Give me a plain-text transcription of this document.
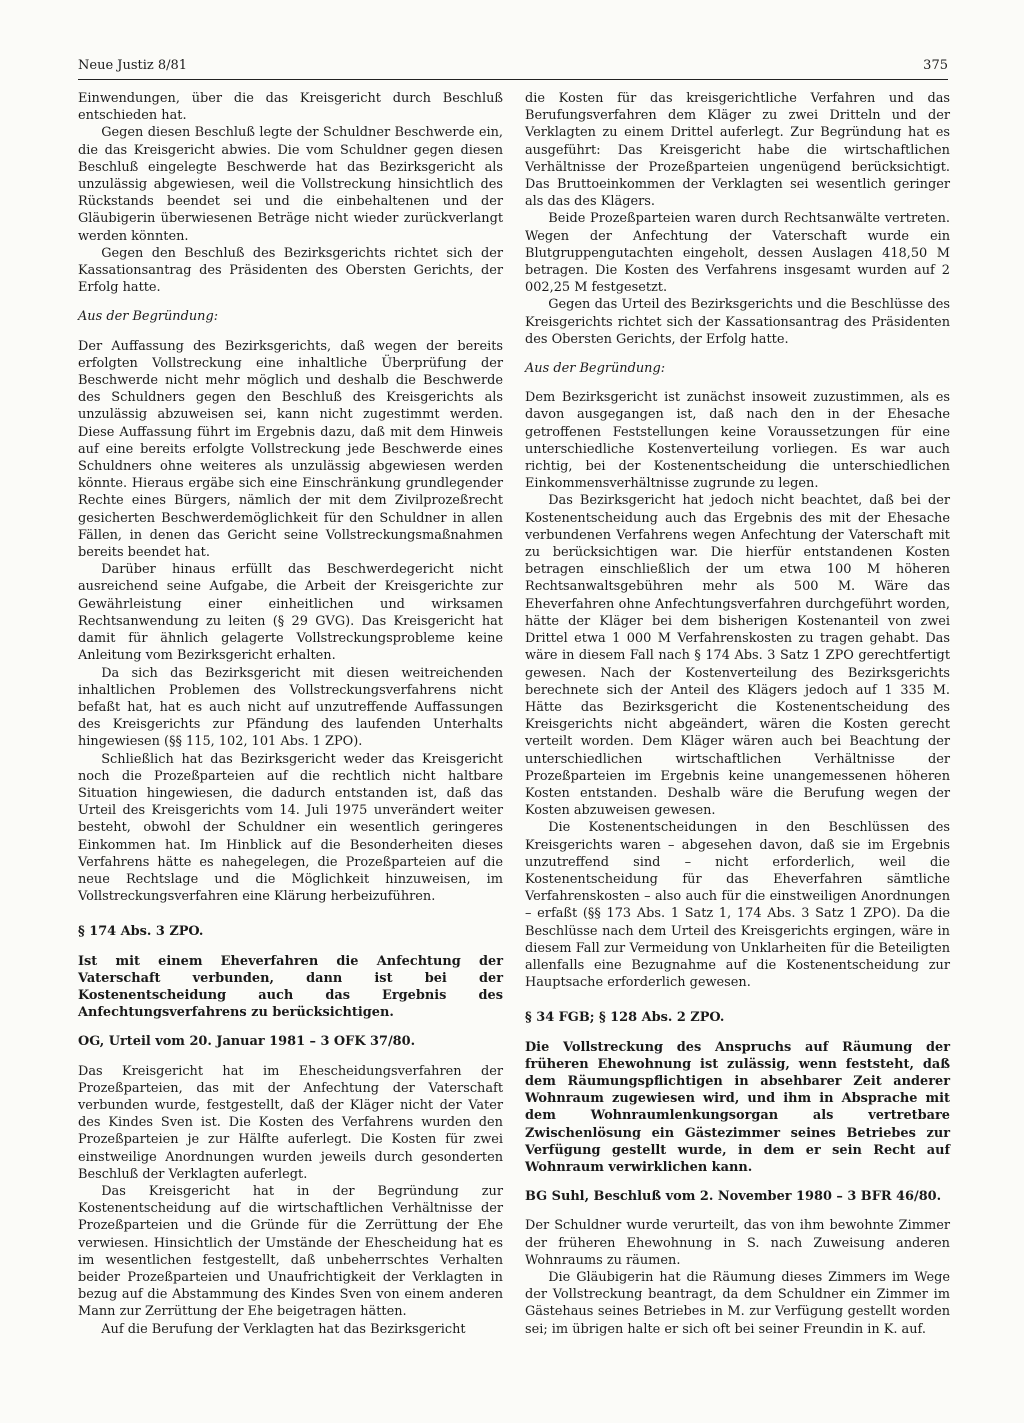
Neue Justiz 8/81	375

Einwendungen, über die das Kreisgericht durch Beschluß entschieden hat.

Gegen diesen Beschluß legte der Schuldner Beschwerde ein, die das Kreisgericht abwies. Die vom Schuldner gegen diesen Beschluß eingelegte Beschwerde hat das Bezirksgericht als unzulässig abgewiesen, weil die Vollstreckung hinsichtlich des Rückstands beendet sei und die einbehaltenen und der Gläubigerin überwiesenen Beträge nicht wieder zurückverlangt werden könnten.

Gegen den Beschluß des Bezirksgerichts richtet sich der Kassationsantrag des Präsidenten des Obersten Gerichts, der Erfolg hatte.

Aus der Begründung:

Der Auffassung des Bezirksgerichts, daß wegen der bereits erfolgten Vollstreckung eine inhaltliche Überprüfung der Beschwerde nicht mehr möglich und deshalb die Beschwerde des Schuldners gegen den Beschluß des Kreisgerichts als unzulässig abzuweisen sei, kann nicht zugestimmt werden. Diese Auffassung führt im Ergebnis dazu, daß mit dem Hinweis auf eine bereits erfolgte Vollstreckung jede Beschwerde eines Schuldners ohne weiteres als unzulässig abgewiesen werden könnte. Hieraus ergäbe sich eine Einschränkung grundlegender Rechte eines Bürgers, nämlich der mit dem Zivilprozeßrecht gesicherten Beschwerdemöglichkeit für den Schuldner in allen Fällen, in denen das Gericht seine Vollstreckungsmaßnahmen bereits beendet hat.

Darüber hinaus erfüllt das Beschwerdegericht nicht ausreichend seine Aufgabe, die Arbeit der Kreisgerichte zur Gewährleistung einer einheitlichen und wirksamen Rechtsanwendung zu leiten (§ 29 GVG). Das Kreisgericht hat damit für ähnlich gelagerte Vollstreckungsprobleme keine Anleitung vom Bezirksgericht erhalten.

Da sich das Bezirksgericht mit diesen weitreichenden inhaltlichen Problemen des Vollstreckungsverfahrens nicht befaßt hat, hat es auch nicht auf unzutreffende Auffassungen des Kreisgerichts zur Pfändung des laufenden Unterhalts hingewiesen (§§ 115, 102, 101 Abs. 1 ZPO).

Schließlich hat das Bezirksgericht weder das Kreisgericht noch die Prozeßparteien auf die rechtlich nicht haltbare Situation hingewiesen, die dadurch entstanden ist, daß das Urteil des Kreisgerichts vom 14. Juli 1975 unverändert weiter besteht, obwohl der Schuldner ein wesentlich geringeres Einkommen hat. Im Hinblick auf die Besonderheiten dieses Verfahrens hätte es nahegelegen, die Prozeßparteien auf die neue Rechtslage und die Möglichkeit hinzuweisen, im Vollstreckungsverfahren eine Klärung herbeizuführen.

§ 174 Abs. 3 ZPO.

Ist mit einem Eheverfahren die Anfechtung der Vaterschaft verbunden, dann ist bei der Kostenentscheidung auch das Ergebnis des Anfechtungsverfahrens zu berücksichtigen.

OG, Urteil vom 20. Januar 1981 – 3 OFK 37/80.

Das Kreisgericht hat im Ehescheidungsverfahren der Prozeßparteien, das mit der Anfechtung der Vaterschaft verbunden wurde, festgestellt, daß der Kläger nicht der Vater des Kindes Sven ist. Die Kosten des Verfahrens wurden den Prozeßparteien je zur Hälfte auferlegt. Die Kosten für zwei einstweilige Anordnungen wurden jeweils durch gesonderten Beschluß der Verklagten auferlegt.

Das Kreisgericht hat in der Begründung zur Kostenentscheidung auf die wirtschaftlichen Verhältnisse der Prozeßparteien und die Gründe für die Zerrüttung der Ehe verwiesen. Hinsichtlich der Umstände der Ehescheidung hat es im wesentlichen festgestellt, daß unbeherrschtes Verhalten beider Prozeßparteien und Unaufrichtigkeit der Verklagten in bezug auf die Abstammung des Kindes Sven von einem anderen Mann zur Zerrüttung der Ehe beigetragen hätten.

Auf die Berufung der Verklagten hat das Bezirksgericht

die Kosten für das kreisgerichtliche Verfahren und das Berufungsverfahren dem Kläger zu zwei Dritteln und der Verklagten zu einem Drittel auferlegt. Zur Begründung hat es ausgeführt: Das Kreisgericht habe die wirtschaftlichen Verhältnisse der Prozeßparteien ungenügend berücksichtigt. Das Bruttoeinkommen der Verklagten sei wesentlich geringer als das des Klägers.

Beide Prozeßparteien waren durch Rechtsanwälte vertreten. Wegen der Anfechtung der Vaterschaft wurde ein Blutgruppengutachten eingeholt, dessen Auslagen 418,50 M betragen. Die Kosten des Verfahrens insgesamt wurden auf 2 002,25 M festgesetzt.

Gegen das Urteil des Bezirksgerichts und die Beschlüsse des Kreisgerichts richtet sich der Kassationsantrag des Präsidenten des Obersten Gerichts, der Erfolg hatte.

Aus der Begründung:

Dem Bezirksgericht ist zunächst insoweit zuzustimmen, als es davon ausgegangen ist, daß nach den in der Ehesache getroffenen Feststellungen keine Voraussetzungen für eine unterschiedliche Kostenverteilung vorliegen. Es war auch richtig, bei der Kostenentscheidung die unterschiedlichen Einkommensverhältnisse zugrunde zu legen.

Das Bezirksgericht hat jedoch nicht beachtet, daß bei der Kostenentscheidung auch das Ergebnis des mit der Ehesache verbundenen Verfahrens wegen Anfechtung der Vaterschaft mit zu berücksichtigen war. Die hierfür entstandenen Kosten betragen einschließlich der um etwa 100 M höheren Rechtsanwaltsgebühren mehr als 500 M. Wäre das Eheverfahren ohne Anfechtungsverfahren durchgeführt worden, hätte der Kläger bei dem bisherigen Kostenanteil von zwei Drittel etwa 1 000 M Verfahrenskosten zu tragen gehabt. Das wäre in diesem Fall nach § 174 Abs. 3 Satz 1 ZPO gerechtfertigt gewesen. Nach der Kostenverteilung des Bezirksgerichts berechnete sich der Anteil des Klägers jedoch auf 1 335 M. Hätte das Bezirksgericht die Kostenentscheidung des Kreisgerichts nicht abgeändert, wären die Kosten gerecht verteilt worden. Dem Kläger wären auch bei Beachtung der unterschiedlichen wirtschaftlichen Verhältnisse der Prozeßparteien im Ergebnis keine unangemessenen höheren Kosten entstanden. Deshalb wäre die Berufung wegen der Kosten abzuweisen gewesen.

Die Kostenentscheidungen in den Beschlüssen des Kreisgerichts waren – abgesehen davon, daß sie im Ergebnis unzutreffend sind – nicht erforderlich, weil die Kostenentscheidung für das Eheverfahren sämtliche Verfahrenskosten – also auch für die einstweiligen Anordnungen – erfaßt (§§ 173 Abs. 1 Satz 1, 174 Abs. 3 Satz 1 ZPO). Da die Beschlüsse nach dem Urteil des Kreisgerichts ergingen, wäre in diesem Fall zur Vermeidung von Unklarheiten für die Beteiligten allenfalls eine Bezugnahme auf die Kostenentscheidung zur Hauptsache erforderlich gewesen.

§ 34 FGB; § 128 Abs. 2 ZPO.

Die Vollstreckung des Anspruchs auf Räumung der früheren Ehewohnung ist zulässig, wenn feststeht, daß dem Räumungspflichtigen in absehbarer Zeit anderer Wohnraum zugewiesen wird, und ihm in Absprache mit dem Wohnraumlenkungsorgan als vertretbare Zwischenlösung ein Gästezimmer seines Betriebes zur Verfügung gestellt wurde, in dem er sein Recht auf Wohnraum verwirklichen kann.

BG Suhl, Beschluß vom 2. November 1980 – 3 BFR 46/80.

Der Schuldner wurde verurteilt, das von ihm bewohnte Zimmer der früheren Ehewohnung in S. nach Zuweisung anderen Wohnraums zu räumen.

Die Gläubigerin hat die Räumung dieses Zimmers im Wege der Vollstreckung beantragt, da dem Schuldner ein Zimmer im Gästehaus seines Betriebes in M. zur Verfügung gestellt worden sei; im übrigen halte er sich oft bei seiner Freundin in K. auf.
